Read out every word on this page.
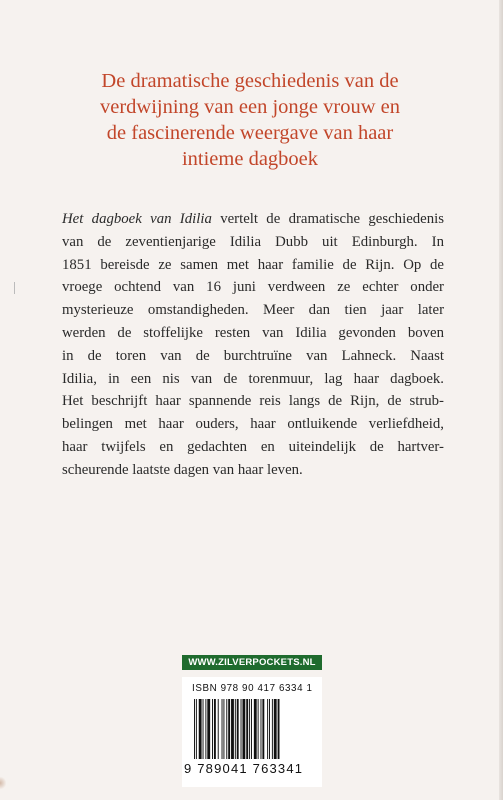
De dramatische geschiedenis van de
verdwijning van een jonge vrouw en
de fascinerende weergave van haar
intieme dagboek
Het dagboek van Idilia vertelt de dramatische geschiedenis
van de zeventienjarige Idilia Dubb uit Edinburgh. In
1851 bereisde ze samen met haar familie de Rijn. Op de
vroege ochtend van 16 juni verdween ze echter onder
mysterieuze omstandigheden. Meer dan tien jaar later
werden de stoffelijke resten van Idilia gevonden boven
in de toren van de burchtruïne van Lahneck. Naast
Idilia, in een nis van de torenmuur, lag haar dagboek.
Het beschrijft haar spannende reis langs de Rijn, de strub-
belingen met haar ouders, haar ontluikende verliefdheid,
haar twijfels en gedachten en uiteindelijk de hartver-
scheurende laatste dagen van haar leven.
WWW.ZILVERPOCKETS.NL
ISBN 978 90 417 6334 1
9 789041 763341
